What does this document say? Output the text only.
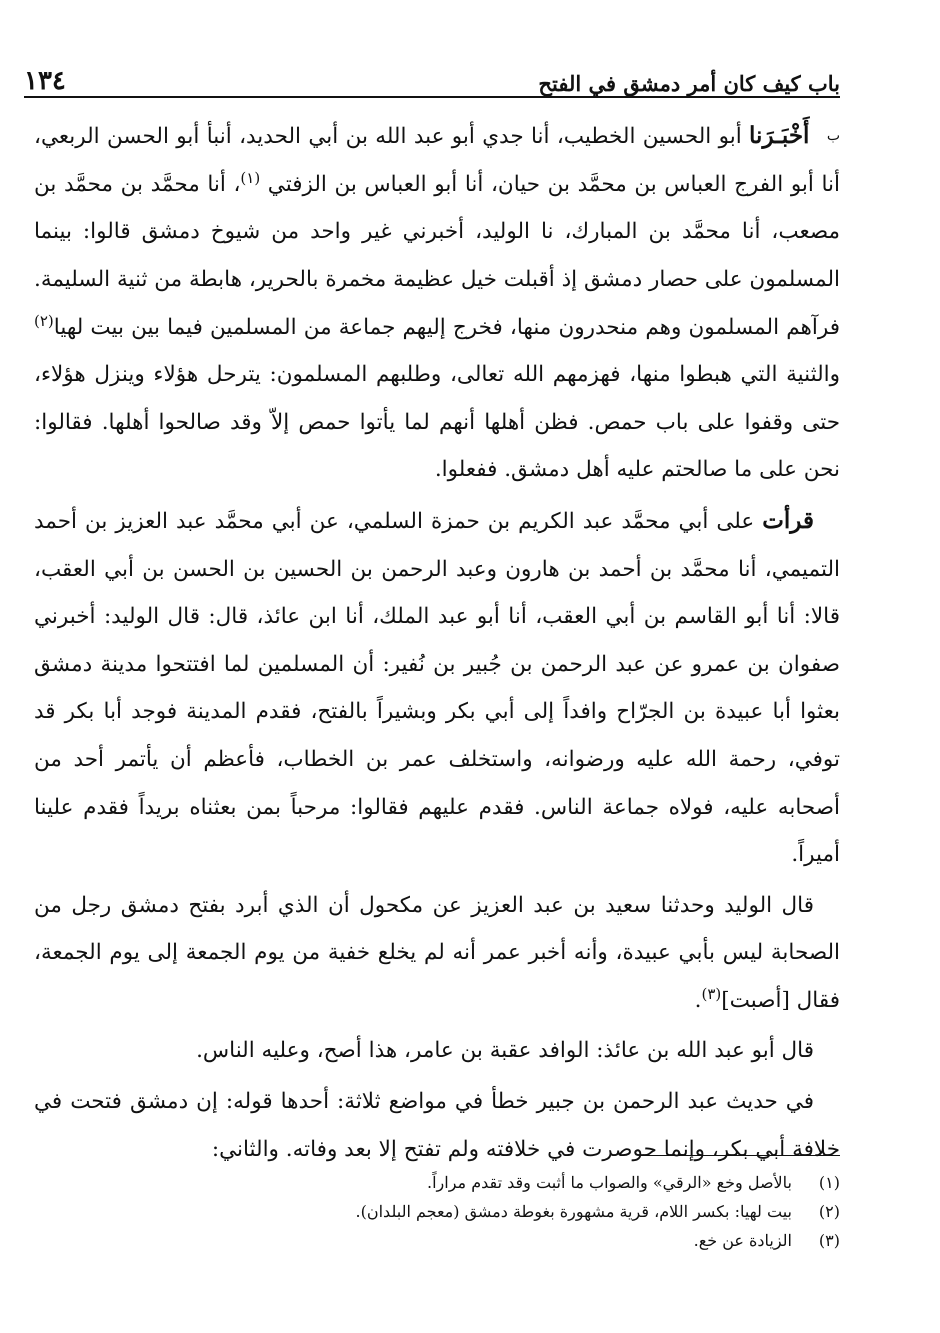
باب كيف كان أمر دمشق في الفتح
١٣٤

ب أَخْبَـرَنا أبو الحسين الخطيب، أنا جدي أبو عبد الله بن أبي الحديد، أنبأ أبو الحسن الربعي، أنا أبو الفرج العباس بن محمَّد بن حيان، أنا أبو العباس بن الزفتي $^{(١)}$، أنا محمَّد بن محمَّد بن مصعب، أنا محمَّد بن المبارك، نا الوليد، أخبرني غير واحد من شيوخ دمشق قالوا: بينما المسلمون على حصار دمشق إذ أقبلت خيل عظيمة مخمرة بالحرير، هابطة من ثنية السليمة. فرآهم المسلمون وهم منحدرون منها، فخرج إليهم جماعة من المسلمين فيما بين بيت لهيا$^{(٢)}$ والثنية التي هبطوا منها، فهزمهم الله تعالى، وطلبهم المسلمون: يترحل هؤلاء وينزل هؤلاء، حتى وقفوا على باب حمص. فظن أهلها أنهم لما يأتوا حمص إلاّ وقد صالحوا أهلها. فقالوا: نحن على ما صالحتم عليه أهل دمشق. ففعلوا.

قرأت على أبي محمَّد عبد الكريم بن حمزة السلمي، عن أبي محمَّد عبد العزيز بن أحمد التميمي، أنا محمَّد بن أحمد بن هارون وعبد الرحمن بن الحسين بن الحسن بن أبي العقب، قالا: أنا أبو القاسم بن أبي العقب، أنا أبو عبد الملك، أنا ابن عائذ، قال: قال الوليد: أخبرني صفوان بن عمرو عن عبد الرحمن بن جُبير بن نُفير: أن المسلمين لما افتتحوا مدينة دمشق بعثوا أبا عبيدة بن الجرّاح وافداً إلى أبي بكر وبشيراً بالفتح، فقدم المدينة فوجد أبا بكر قد توفي، رحمة الله عليه ورضوانه، واستخلف عمر بن الخطاب، فأعظم أن يأتمر أحد من أصحابه عليه، فولاه جماعة الناس. فقدم عليهم فقالوا: مرحباً بمن بعثناه بريداً فقدم علينا أميراً.

قال الوليد وحدثنا سعيد بن عبد العزيز عن مكحول أن الذي أبرد بفتح دمشق رجل من الصحابة ليس بأبي عبيدة، وأنه أخبر عمر أنه لم يخلع خفية من يوم الجمعة إلى يوم الجمعة، فقال [أصبت]$^{(٣)}$.

قال أبو عبد الله بن عائذ: الوافد عقبة بن عامر، هذا أصح، وعليه الناس.

في حديث عبد الرحمن بن جبير خطأ في مواضع ثلاثة: أحدها قوله: إن دمشق فتحت في خلافة أبي بكر، وإنما حوصرت في خلافته ولم تفتح إلا بعد وفاته. والثاني:

(١)
بالأصل وخع «الرقي» والصواب ما أثبت وقد تقدم مراراً.
(٢)
بيت لهيا: بكسر اللام، قرية مشهورة بغوطة دمشق (معجم البلدان).
(٣)
الزيادة عن خع.
